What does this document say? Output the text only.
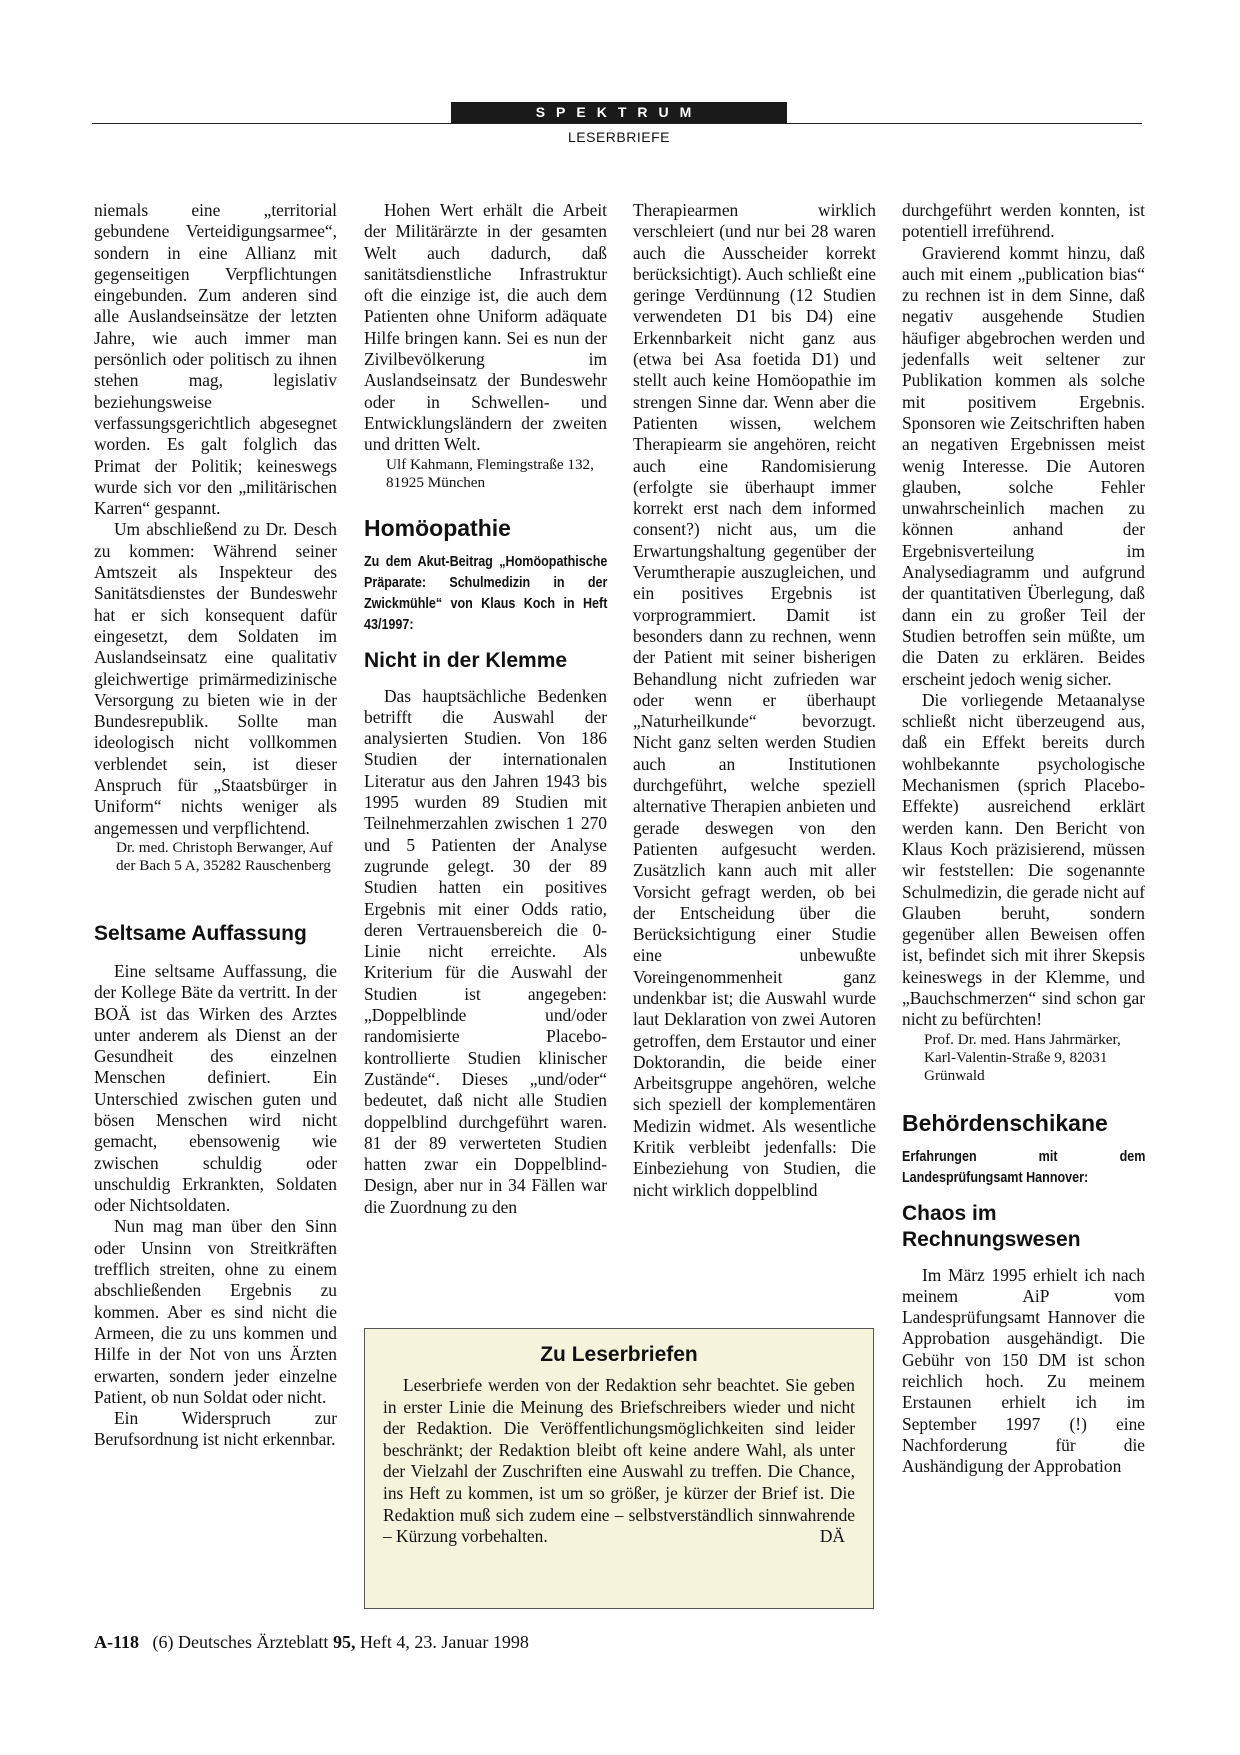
SPEKTRUM
LESERBRIEFE

niemals eine „territorial gebundene Verteidigungsarmee“, sondern in eine Allianz mit gegenseitigen Verpflichtungen eingebunden. Zum anderen sind alle Auslandseinsätze der letzten Jahre, wie auch immer man persönlich oder politisch zu ihnen stehen mag, legislativ beziehungsweise verfassungsgerichtlich abgesegnet worden. Es galt folglich das Primat der Politik; keineswegs wurde sich vor den „militärischen Karren“ gespannt.

Um abschließend zu Dr. Desch zu kommen: Während seiner Amtszeit als Inspekteur des Sanitätsdienstes der Bundeswehr hat er sich konsequent dafür eingesetzt, dem Soldaten im Auslandseinsatz eine qualitativ gleichwertige primärmedizinische Versorgung zu bieten wie in der Bundesrepublik. Sollte man ideologisch nicht vollkommen verblendet sein, ist dieser Anspruch für „Staatsbürger in Uniform“ nichts weniger als angemessen und verpflichtend.

Dr. med. Christoph Berwanger, Auf der Bach 5 A, 35282 Rauschenberg

Seltsame Auffassung

Eine seltsame Auffassung, die der Kollege Bäte da vertritt. In der BOÄ ist das Wirken des Arztes unter anderem als Dienst an der Gesundheit des einzelnen Menschen definiert. Ein Unterschied zwischen guten und bösen Menschen wird nicht gemacht, ebensowenig wie zwischen schuldig oder unschuldig Erkrankten, Soldaten oder Nichtsoldaten.

Nun mag man über den Sinn oder Unsinn von Streitkräften trefflich streiten, ohne zu einem abschließenden Ergebnis zu kommen. Aber es sind nicht die Armeen, die zu uns kommen und Hilfe in der Not von uns Ärzten erwarten, sondern jeder einzelne Patient, ob nun Soldat oder nicht.

Ein Widerspruch zur Berufsordnung ist nicht erkennbar.

Hohen Wert erhält die Arbeit der Militärärzte in der gesamten Welt auch dadurch, daß sanitätsdienstliche Infrastruktur oft die einzige ist, die auch dem Patienten ohne Uniform adäquate Hilfe bringen kann. Sei es nun der Zivilbevölkerung im Auslandseinsatz der Bundeswehr oder in Schwellen- und Entwicklungsländern der zweiten und dritten Welt.

Ulf Kahmann, Flemingstraße 132, 81925 München

Homöopathie

Zu dem Akut-Beitrag „Homöopathische Präparate: Schulmedizin in der Zwickmühle“ von Klaus Koch in Heft 43/1997:

Nicht in der Klemme

Das hauptsächliche Bedenken betrifft die Auswahl der analysierten Studien. Von 186 Studien der internationalen Literatur aus den Jahren 1943 bis 1995 wurden 89 Studien mit Teilnehmerzahlen zwischen 1 270 und 5 Patienten der Analyse zugrunde gelegt. 30 der 89 Studien hatten ein positives Ergebnis mit einer Odds ratio, deren Vertrauensbereich die 0-Linie nicht erreichte. Als Kriterium für die Auswahl der Studien ist angegeben: „Doppelblinde und/oder randomisierte Placebo-kontrollierte Studien klinischer Zustände“. Dieses „und/oder“ bedeutet, daß nicht alle Studien doppelblind durchgeführt waren. 81 der 89 verwerteten Studien hatten zwar ein Doppelblind-Design, aber nur in 34 Fällen war die Zuordnung zu den

Therapiearmen wirklich verschleiert (und nur bei 28 waren auch die Ausscheider korrekt berücksichtigt). Auch schließt eine geringe Verdünnung (12 Studien verwendeten D1 bis D4) eine Erkennbarkeit nicht ganz aus (etwa bei Asa foetida D1) und stellt auch keine Homöopathie im strengen Sinne dar. Wenn aber die Patienten wissen, welchem Therapiearm sie angehören, reicht auch eine Randomisierung (erfolgte sie überhaupt immer korrekt erst nach dem informed consent?) nicht aus, um die Erwartungshaltung gegenüber der Verumtherapie auszugleichen, und ein positives Ergebnis ist vorprogrammiert. Damit ist besonders dann zu rechnen, wenn der Patient mit seiner bisherigen Behandlung nicht zufrieden war oder wenn er überhaupt „Naturheilkunde“ bevorzugt. Nicht ganz selten werden Studien auch an Institutionen durchgeführt, welche speziell alternative Therapien anbieten und gerade deswegen von den Patienten aufgesucht werden. Zusätzlich kann auch mit aller Vorsicht gefragt werden, ob bei der Entscheidung über die Berücksichtigung einer Studie eine unbewußte Voreingenommenheit ganz undenkbar ist; die Auswahl wurde laut Deklaration von zwei Autoren getroffen, dem Erstautor und einer Doktorandin, die beide einer Arbeitsgruppe angehören, welche sich speziell der komplementären Medizin widmet. Als wesentliche Kritik verbleibt jedenfalls: Die Einbeziehung von Studien, die nicht wirklich doppelblind

durchgeführt werden konnten, ist potentiell irreführend.

Gravierend kommt hinzu, daß auch mit einem „publication bias“ zu rechnen ist in dem Sinne, daß negativ ausgehende Studien häufiger abgebrochen werden und jedenfalls weit seltener zur Publikation kommen als solche mit positivem Ergebnis. Sponsoren wie Zeitschriften haben an negativen Ergebnissen meist wenig Interesse. Die Autoren glauben, solche Fehler unwahrscheinlich machen zu können anhand der Ergebnisverteilung im Analysediagramm und aufgrund der quantitativen Überlegung, daß dann ein zu großer Teil der Studien betroffen sein müßte, um die Daten zu erklären. Beides erscheint jedoch wenig sicher.

Die vorliegende Metaanalyse schließt nicht überzeugend aus, daß ein Effekt bereits durch wohlbekannte psychologische Mechanismen (sprich Placebo-Effekte) ausreichend erklärt werden kann. Den Bericht von Klaus Koch präzisierend, müssen wir feststellen: Die sogenannte Schulmedizin, die gerade nicht auf Glauben beruht, sondern gegenüber allen Beweisen offen ist, befindet sich mit ihrer Skepsis keineswegs in der Klemme, und „Bauchschmerzen“ sind schon gar nicht zu befürchten!

Prof. Dr. med. Hans Jahrmärker, Karl-Valentin-Straße 9, 82031 Grünwald

Behördenschikane

Erfahrungen mit dem Landesprüfungsamt Hannover:

Chaos im Rechnungswesen

Im März 1995 erhielt ich nach meinem AiP vom Landesprüfungsamt Hannover die Approbation ausgehändigt. Die Gebühr von 150 DM ist schon reichlich hoch. Zu meinem Erstaunen erhielt ich im September 1997 (!) eine Nachforderung für die Aushändigung der Approbation

Zu Leserbriefen

Leserbriefe werden von der Redaktion sehr beachtet. Sie geben in erster Linie die Meinung des Briefschreibers wieder und nicht der Redaktion. Die Veröffentlichungsmöglichkeiten sind leider beschränkt; der Redaktion bleibt oft keine andere Wahl, als unter der Vielzahl der Zuschriften eine Auswahl zu treffen. Die Chance, ins Heft zu kommen, ist um so größer, je kürzer der Brief ist. Die Redaktion muß sich zudem eine – selbstverständlich sinnwahrende – Kürzung vorbehalten.	DÄ

A-118 (6) Deutsches Ärzteblatt 95, Heft 4, 23. Januar 1998
